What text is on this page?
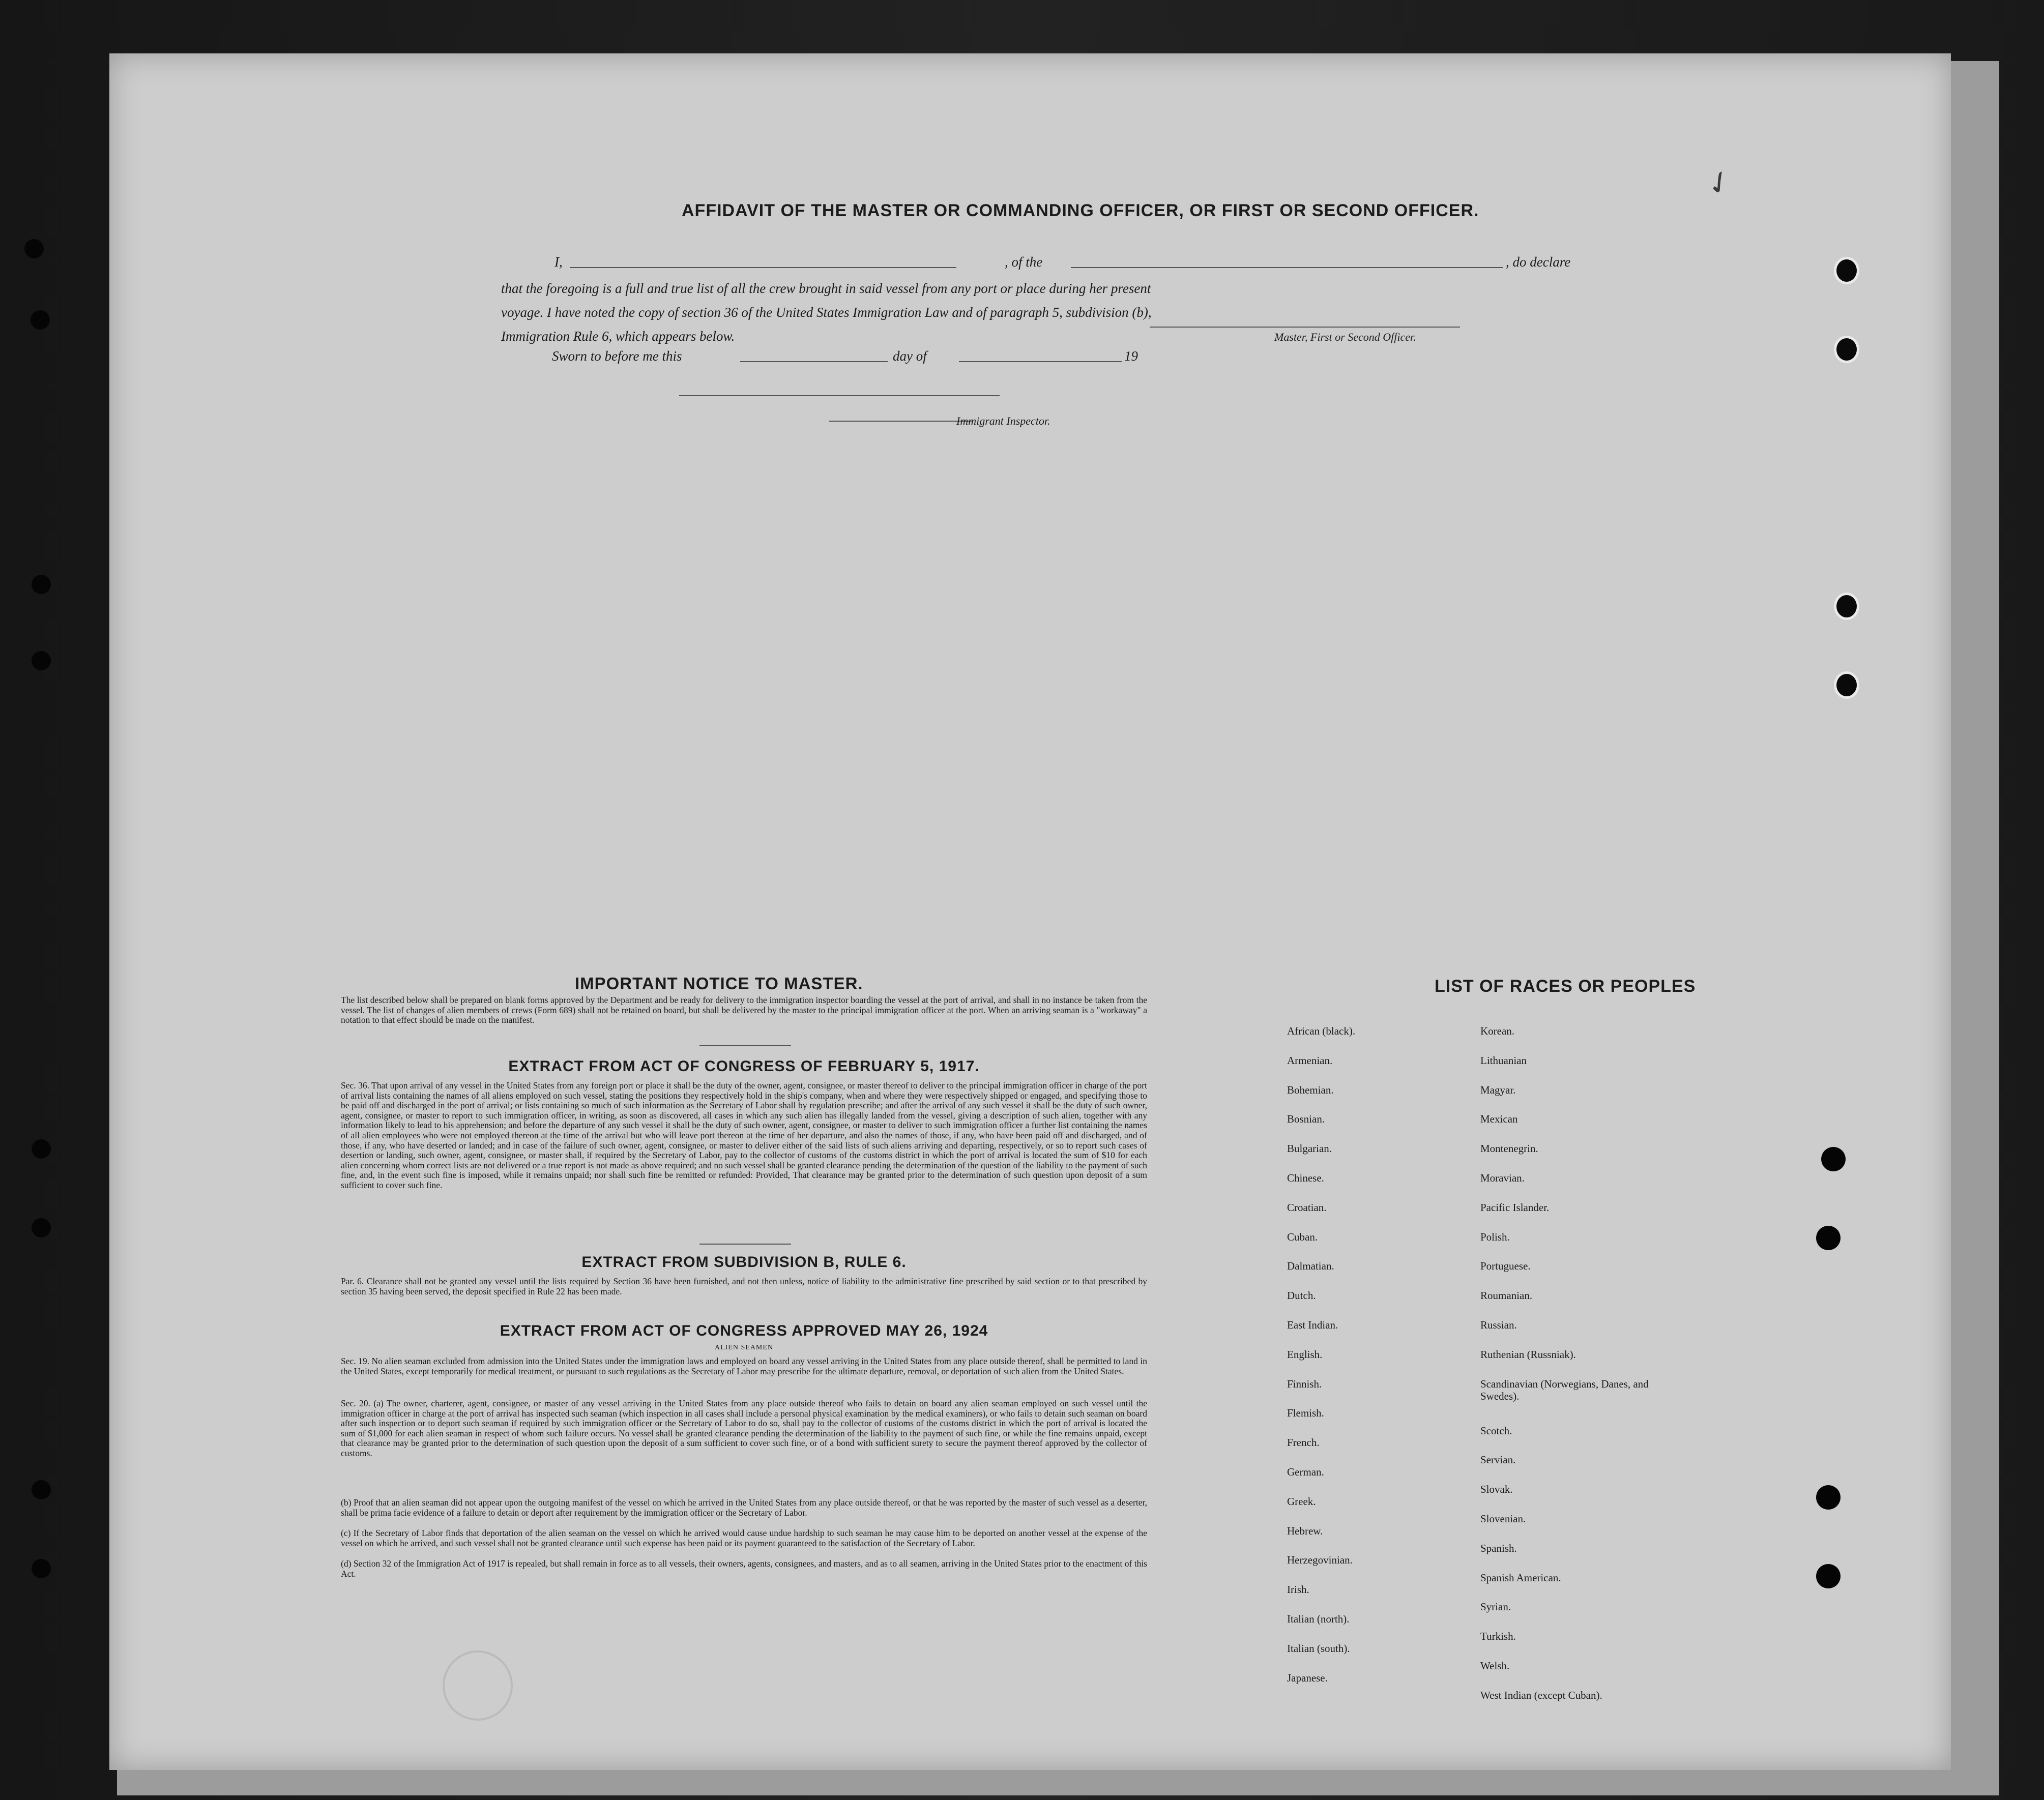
✓
AFFIDAVIT OF THE MASTER OR COMMANDING OFFICER, OR FIRST OR SECOND OFFICER.
I,	, of the	, do declare
that the foregoing is a full and true list of all the crew brought in said vessel from any port or place during her present
voyage. I have noted the copy of section 36 of the United States Immigration Law and of paragraph 5, subdivision (b),
Immigration Rule 6, which appears below.	Master, First or Second Officer.
Sworn to before me this	day of	19
Immigrant Inspector.
IMPORTANT NOTICE TO MASTER.
The list described below shall be prepared on blank forms approved by the Department and be ready for delivery to the immigration inspector boarding the vessel at the port of arrival, and shall in no instance be taken from the vessel. The list of changes of alien members of crews (Form 689) shall not be retained on board, but shall be delivered by the master to the principal immigration officer at the port. When an arriving seaman is a "workaway" a notation to that effect should be made on the manifest.
EXTRACT FROM ACT OF CONGRESS OF FEBRUARY 5, 1917.
Sec. 36. That upon arrival of any vessel in the United States from any foreign port or place it shall be the duty of the owner, agent, consignee, or master thereof to deliver to the principal immigration officer in charge of the port of arrival lists containing the names of all aliens employed on such vessel, stating the positions they respectively hold in the ship's company, when and where they were respectively shipped or engaged, and specifying those to be paid off and discharged in the port of arrival; or lists containing so much of such information as the Secretary of Labor shall by regulation prescribe; and after the arrival of any such vessel it shall be the duty of such owner, agent, consignee, or master to report to such immigration officer, in writing, as soon as discovered, all cases in which any such alien has illegally landed from the vessel, giving a description of such alien, together with any information likely to lead to his apprehension; and before the departure of any such vessel it shall be the duty of such owner, agent, consignee, or master to deliver to such immigration officer a further list containing the names of all alien employees who were not employed thereon at the time of the arrival but who will leave port thereon at the time of her departure, and also the names of those, if any, who have been paid off and discharged, and of those, if any, who have deserted or landed; and in case of the failure of such owner, agent, consignee, or master to deliver either of the said lists of such aliens arriving and departing, respectively, or so to report such cases of desertion or landing, such owner, agent, consignee, or master shall, if required by the Secretary of Labor, pay to the collector of customs of the customs district in which the port of arrival is located the sum of $10 for each alien concerning whom correct lists are not delivered or a true report is not made as above required; and no such vessel shall be granted clearance pending the determination of the question of the liability to the payment of such fine, and, in the event such fine is imposed, while it remains unpaid; nor shall such fine be remitted or refunded: Provided, That clearance may be granted prior to the determination of such question upon deposit of a sum sufficient to cover such fine.
EXTRACT FROM SUBDIVISION B, RULE 6.
Par. 6. Clearance shall not be granted any vessel until the lists required by Section 36 have been furnished, and not then unless, notice of liability to the administrative fine prescribed by said section or to that prescribed by section 35 having been served, the deposit specified in Rule 22 has been made.
EXTRACT FROM ACT OF CONGRESS APPROVED MAY 26, 1924
ALIEN SEAMEN
Sec. 19. No alien seaman excluded from admission into the United States under the immigration laws and employed on board any vessel arriving in the United States from any place outside thereof, shall be permitted to land in the United States, except temporarily for medical treatment, or pursuant to such regulations as the Secretary of Labor may prescribe for the ultimate departure, removal, or deportation of such alien from the United States.
Sec. 20. (a) The owner, charterer, agent, consignee, or master of any vessel arriving in the United States from any place outside thereof who fails to detain on board any alien seaman employed on such vessel until the immigration officer in charge at the port of arrival has inspected such seaman (which inspection in all cases shall include a personal physical examination by the medical examiners), or who fails to detain such seaman on board after such inspection or to deport such seaman if required by such immigration officer or the Secretary of Labor to do so, shall pay to the collector of customs of the customs district in which the port of arrival is located the sum of $1,000 for each alien seaman in respect of whom such failure occurs. No vessel shall be granted clearance pending the determination of the liability to the payment of such fine, or while the fine remains unpaid, except that clearance may be granted prior to the determination of such question upon the deposit of a sum sufficient to cover such fine, or of a bond with sufficient surety to secure the payment thereof approved by the collector of customs.
(b) Proof that an alien seaman did not appear upon the outgoing manifest of the vessel on which he arrived in the United States from any place outside thereof, or that he was reported by the master of such vessel as a deserter, shall be prima facie evidence of a failure to detain or deport after requirement by the immigration officer or the Secretary of Labor.
(c) If the Secretary of Labor finds that deportation of the alien seaman on the vessel on which he arrived would cause undue hardship to such seaman he may cause him to be deported on another vessel at the expense of the vessel on which he arrived, and such vessel shall not be granted clearance until such expense has been paid or its payment guaranteed to the satisfaction of the Secretary of Labor.
(d) Section 32 of the Immigration Act of 1917 is repealed, but shall remain in force as to all vessels, their owners, agents, consignees, and masters, and as to all seamen, arriving in the United States prior to the enactment of this Act.
LIST OF RACES OR PEOPLES
African (black).
Armenian.
Bohemian.
Bosnian.
Bulgarian.
Chinese.
Croatian.
Cuban.
Dalmatian.
Dutch.
East Indian.
English.
Finnish.
Flemish.
French.
German.
Greek.
Hebrew.
Herzegovinian.
Irish.
Italian (north).
Italian (south).
Japanese.
Korean.
Lithuanian
Magyar.
Mexican
Montenegrin.
Moravian.
Pacific Islander.
Polish.
Portuguese.
Roumanian.
Russian.
Ruthenian (Russniak).
Scandinavian (Norwegians, Danes, and Swedes).
Scotch.
Servian.
Slovak.
Slovenian.
Spanish.
Spanish American.
Syrian.
Turkish.
Welsh.
West Indian (except Cuban).
